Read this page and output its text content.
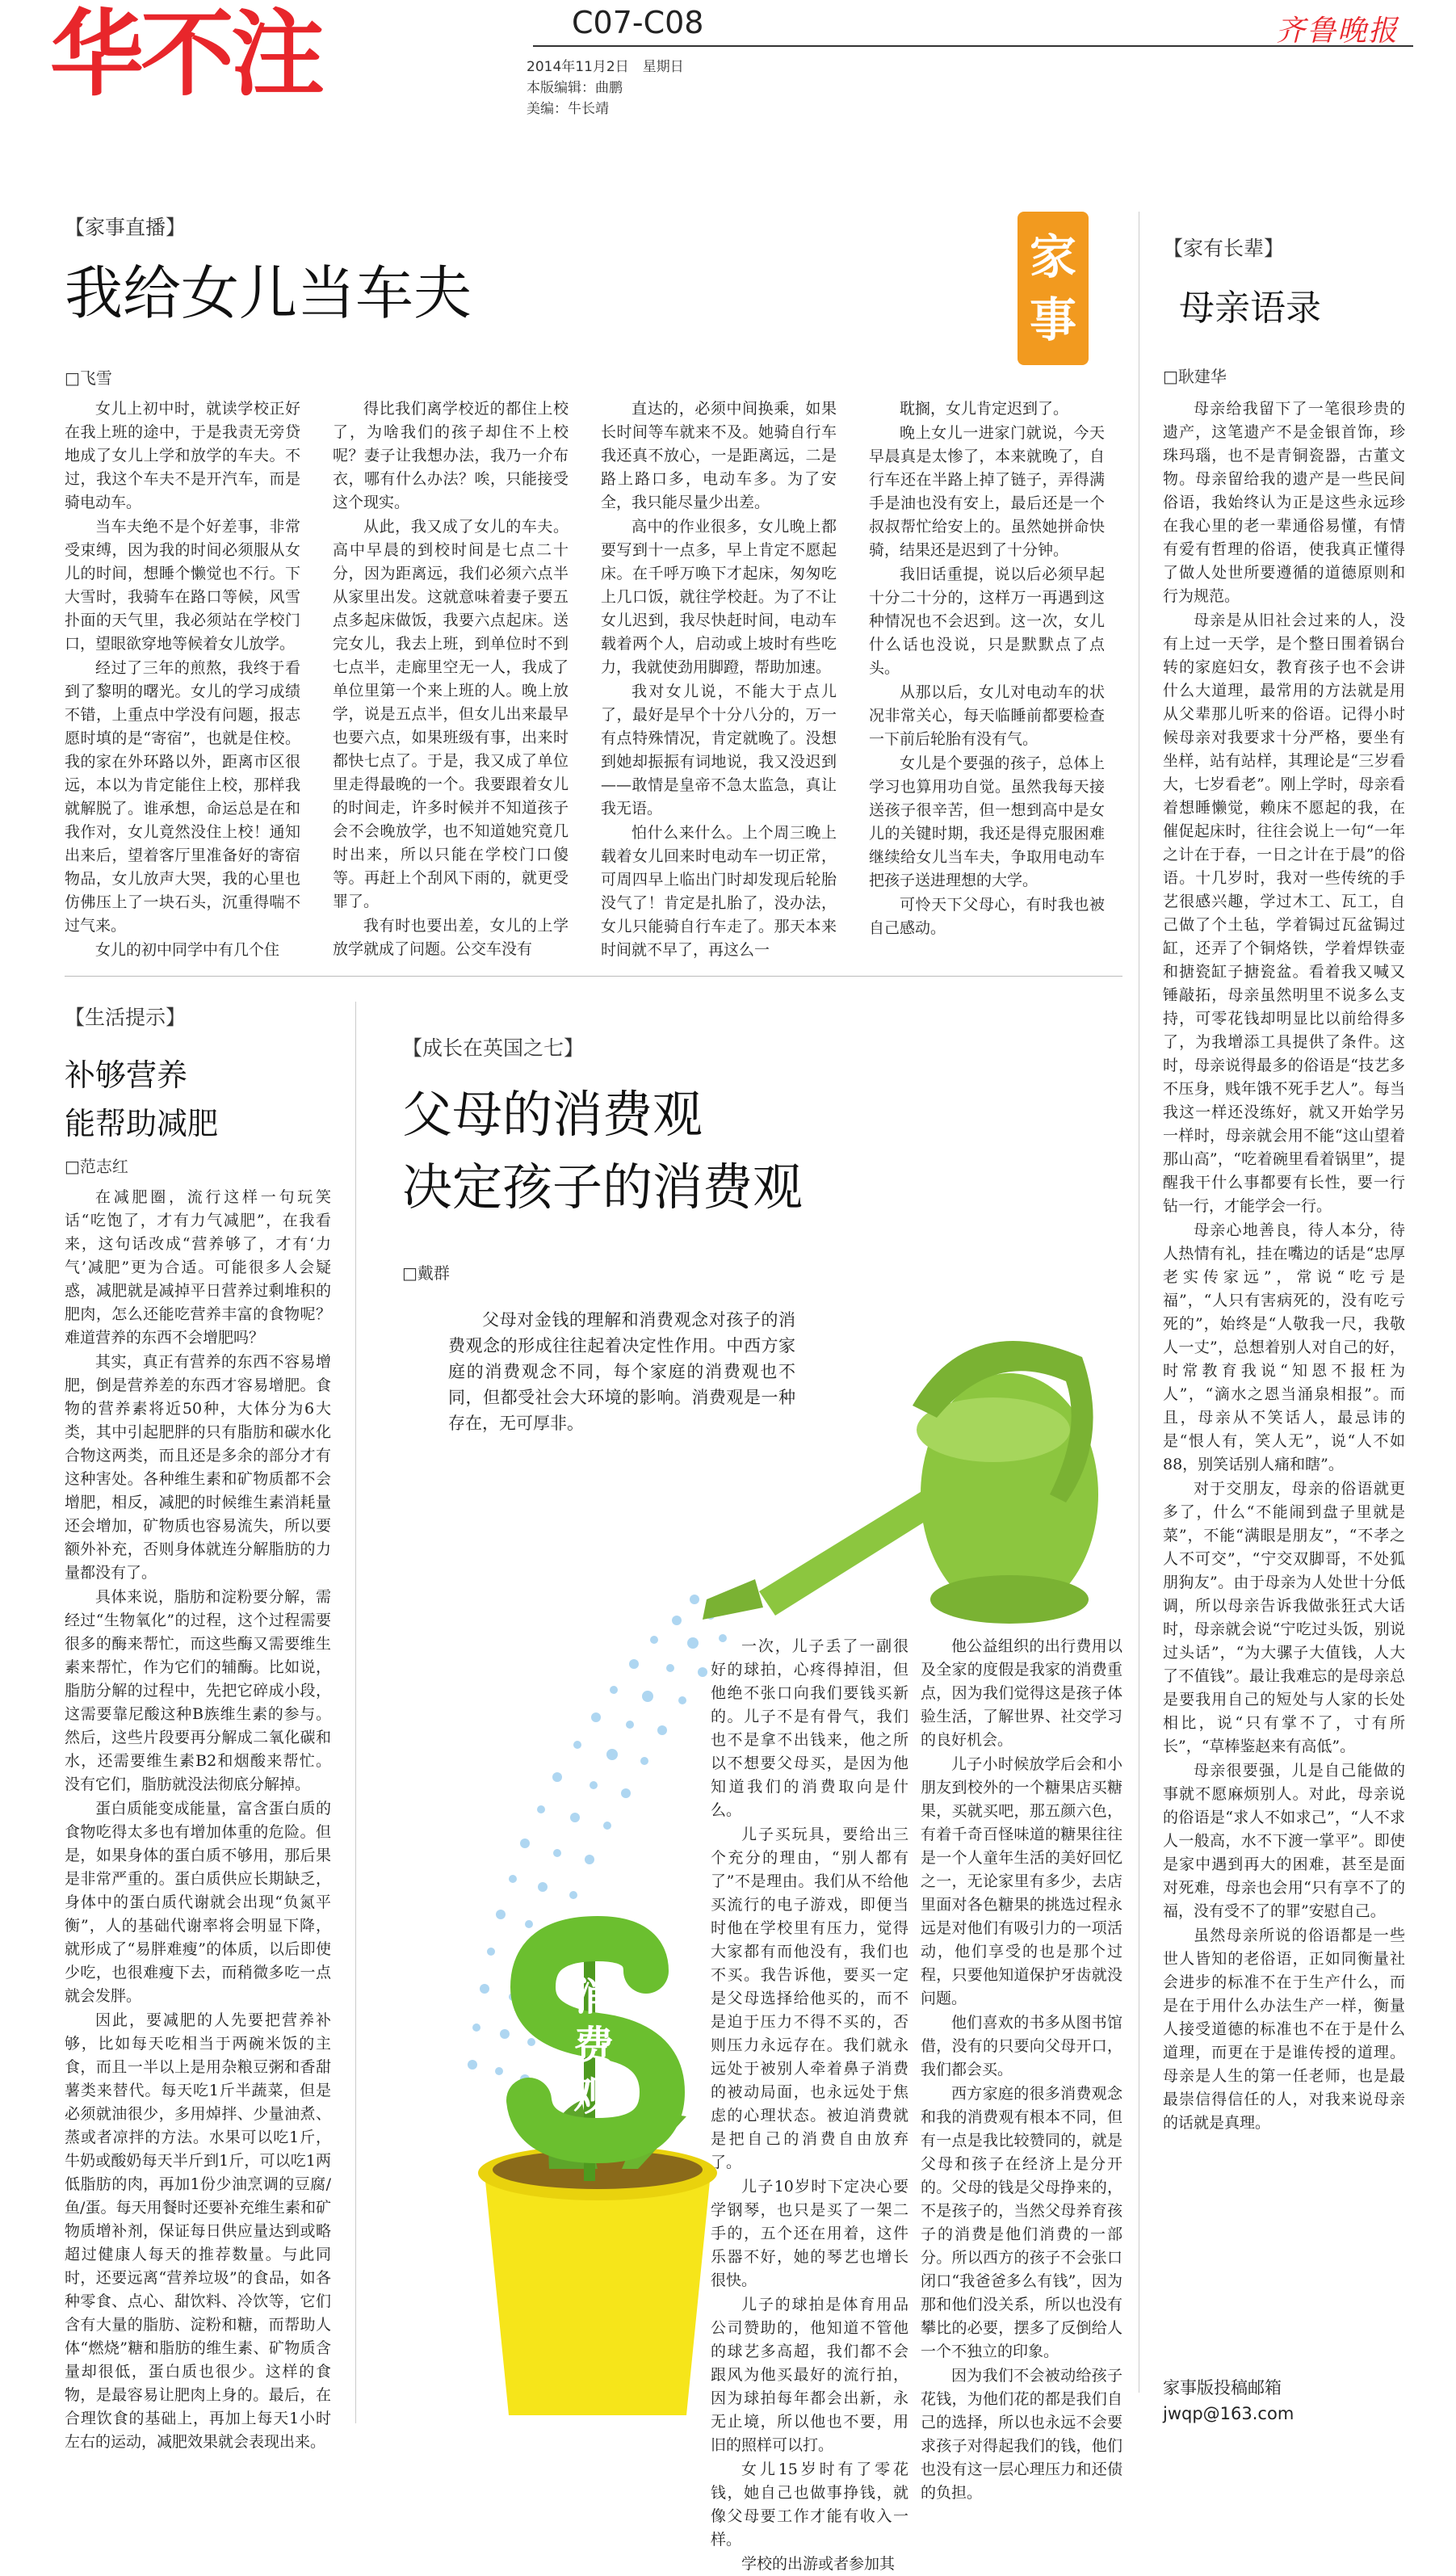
华不注	C07-C08
2014年11月2日　星期日
本版编辑：曲鹏
美编：牛长靖
齐鲁晚报
【家事直播】
我给女儿当车夫
□飞雪
家
事

女儿上初中时，就读学校正好在我上班的途中，于是我责无旁贷地成了女儿上学和放学的车夫。不过，我这个车夫不是开汽车，而是骑电动车。

当车夫绝不是个好差事，非常受束缚，因为我的时间必须服从女儿的时间，想睡个懒觉也不行。下大雪时，我骑车在路口等候，风雪扑面的天气里，我必须站在学校门口，望眼欲穿地等候着女儿放学。

经过了三年的煎熬，我终于看到了黎明的曙光。女儿的学习成绩不错，上重点中学没有问题，报志愿时填的是“寄宿”，也就是住校。我的家在外环路以外，距离市区很远，本以为肯定能住上校，那样我就解脱了。谁承想，命运总是在和我作对，女儿竟然没住上校！通知出来后，望着客厅里准备好的寄宿物品，女儿放声大哭，我的心里也仿佛压上了一块石头，沉重得喘不过气来。

女儿的初中同学中有几个住

得比我们离学校近的都住上校了，为啥我们的孩子却住不上校呢？妻子让我想办法，我乃一介布衣，哪有什么办法？唉，只能接受这个现实。

从此，我又成了女儿的车夫。高中早晨的到校时间是七点二十分，因为距离远，我们必须六点半从家里出发。这就意味着妻子要五点多起床做饭，我要六点起床。送完女儿，我去上班，到单位时不到七点半，走廊里空无一人，我成了单位里第一个来上班的人。晚上放学，说是五点半，但女儿出来最早也要六点，如果班级有事，出来时都快七点了。于是，我又成了单位里走得最晚的一个。我要跟着女儿的时间走，许多时候并不知道孩子会不会晚放学，也不知道她究竟几时出来，所以只能在学校门口傻等。再赶上个刮风下雨的，就更受罪了。

我有时也要出差，女儿的上学放学就成了问题。公交车没有

直达的，必须中间换乘，如果长时间等车就来不及。她骑自行车我还真不放心，一是距离远，二是路上路口多，电动车多。为了安全，我只能尽量少出差。

高中的作业很多，女儿晚上都要写到十一点多，早上肯定不愿起床。在千呼万唤下才起床，匆匆吃上几口饭，就往学校赶。为了不让女儿迟到，我尽快赶时间，电动车载着两个人，启动或上坡时有些吃力，我就使劲用脚蹬，帮助加速。

我对女儿说，不能大于点儿了，最好是早个十分八分的，万一有点特殊情况，肯定就晚了。没想到她却振振有词地说，我又没迟到——敢情是皇帝不急太监急，真让我无语。

怕什么来什么。上个周三晚上载着女儿回来时电动车一切正常，可周四早上临出门时却发现后轮胎没气了！肯定是扎胎了，没办法，女儿只能骑自行车走了。那天本来时间就不早了，再这么一

耽搁，女儿肯定迟到了。

晚上女儿一进家门就说，今天早晨真是太惨了，本来就晚了，自行车还在半路上掉了链子，弄得满手是油也没有安上，最后还是一个叔叔帮忙给安上的。虽然她拼命快骑，结果还是迟到了十分钟。

我旧话重提，说以后必须早起十分二十分的，这样万一再遇到这种情况也不会迟到。这一次，女儿什么话也没说，只是默默点了点头。

从那以后，女儿对电动车的状况非常关心，每天临睡前都要检查一下前后轮胎有没有气。

女儿是个要强的孩子，总体上学习也算用功自觉。虽然我每天接送孩子很辛苦，但一想到高中是女儿的关键时期，我还是得克服困难继续给女儿当车夫，争取用电动车把孩子送进理想的大学。

可怜天下父母心，有时我也被自己感动。

【家有长辈】
母亲语录
□耿建华

母亲给我留下了一笔很珍贵的遗产，这笔遗产不是金银首饰，珍珠玛瑙，也不是青铜瓷器，古董文物。母亲留给我的遗产是一些民间俗语，我始终认为正是这些永远珍在我心里的老一辈通俗易懂，有情有爱有哲理的俗语，使我真正懂得了做人处世所要遵循的道德原则和行为规范。

母亲是从旧社会过来的人，没有上过一天学，是个整日围着锅台转的家庭妇女，教育孩子也不会讲什么大道理，最常用的方法就是用从父辈那儿听来的俗语。记得小时候母亲对我要求十分严格，要坐有坐样，站有站样，其理论是“三岁看大，七岁看老”。刚上学时，母亲看着想睡懒觉，赖床不愿起的我，在催促起床时，往往会说上一句“一年之计在于春，一日之计在于晨”的俗语。十几岁时，我对一些传统的手艺很感兴趣，学过木工、瓦工，自己做了个土毡，学着锔过瓦盆锔过缸，还弄了个铜烙铁，学着焊铁壶和搪瓷缸子搪瓷盆。看着我又喊又锤敲拓，母亲虽然明里不说多么支持，可零花钱却明显比以前给得多了，为我增添工具提供了条件。这时，母亲说得最多的俗语是“技艺多不压身，贱年饿不死手艺人”。每当我这一样还没练好，就又开始学另一样时，母亲就会用不能“这山望着那山高”，“吃着碗里看着锅里”，提醒我干什么事都要有长性，要一行钻一行，才能学会一行。

母亲心地善良，待人本分，待人热情有礼，挂在嘴边的话是“忠厚老实传家远”，常说“吃亏是福”，“人只有害病死的，没有吃亏死的”，始终是“人敬我一尺，我敬人一丈”，总想着别人对自己的好，时常教育我说“知恩不报枉为人”，“滴水之恩当涌泉相报”。而且，母亲从不笑话人，最忌讳的是“恨人有，笑人无”，说“人不如88，别笑话别人痛和瞎”。

对于交朋友，母亲的俗语就更多了，什么“不能闹到盘子里就是菜”，不能“满眼是朋友”，“不孝之人不可交”，“宁交双脚哥，不处狐朋狗友”。由于母亲为人处世十分低调，所以母亲告诉我做张狂式大话时，母亲就会说“宁吃过头饭，别说过头话”，“为大骡子大值钱，人大了不值钱”。最让我难忘的是母亲总是要我用自己的短处与人家的长处相比，说“只有掌不了，寸有所长”，“草棒鉴赵来有高低”。

母亲很要强，儿是自己能做的事就不愿麻烦别人。对此，母亲说的俗语是“求人不如求己”，“人不求人一般高，水不下渡一掌平”。即使是家中遇到再大的困难，甚至是面对死难，母亲也会用“只有享不了的福，没有受不了的罪”安慰自己。

虽然母亲所说的俗语都是一些世人皆知的老俗语，正如同衡量社会进步的标准不在于生产什么，而是在于用什么办法生产一样，衡量人接受道德的标准也不在于是什么道理，而更在于是谁传授的道理。母亲是人生的第一任老师，也是最最崇信得信任的人，对我来说母亲的话就是真理。

家事版投稿邮箱
jwqp@163.com
【生活提示】
补够营养
能帮助减肥
□范志红

在减肥圈，流行这样一句玩笑话“吃饱了，才有力气减肥”，在我看来，这句话改成“营养够了，才有‘力气’减肥”更为合适。可能很多人会疑惑，减肥就是减掉平日营养过剩堆积的肥肉，怎么还能吃营养丰富的食物呢？难道营养的东西不会增肥吗？

其实，真正有营养的东西不容易增肥，倒是营养差的东西才容易增肥。食物的营养素将近50种，大体分为6大类，其中引起肥胖的只有脂肪和碳水化合物这两类，而且还是多余的部分才有这种害处。各种维生素和矿物质都不会增肥，相反，减肥的时候维生素消耗量还会增加，矿物质也容易流失，所以要额外补充，否则身体就连分解脂肪的力量都没有了。

具体来说，脂肪和淀粉要分解，需经过“生物氧化”的过程，这个过程需要很多的酶来帮忙，而这些酶又需要维生素来帮忙，作为它们的辅酶。比如说，脂肪分解的过程中，先把它碎成小段，这需要靠尼酸这种B族维生素的参与。然后，这些片段要再分解成二氧化碳和水，还需要维生素B2和烟酸来帮忙。没有它们，脂肪就没法彻底分解掉。

蛋白质能变成能量，富含蛋白质的食物吃得太多也有增加体重的危险。但是，如果身体的蛋白质不够用，那后果是非常严重的。蛋白质供应长期缺乏，身体中的蛋白质代谢就会出现“负氮平衡”，人的基础代谢率将会明显下降，就形成了“易胖难瘦”的体质，以后即使少吃，也很难瘦下去，而稍微多吃一点就会发胖。

因此，要减肥的人先要把营养补够，比如每天吃相当于两碗米饭的主食，而且一半以上是用杂粮豆粥和香甜薯类来替代。每天吃1斤半蔬菜，但是必须就油很少，多用焯拌、少量油煮、蒸或者凉拌的方法。水果可以吃1斤，牛奶或酸奶每天半斤到1斤，可以吃1两低脂肪的肉，再加1份少油烹调的豆腐/鱼/蛋。每天用餐时还要补充维生素和矿物质增补剂，保证每日供应量达到或略超过健康人每天的推荐数量。与此同时，还要远离“营养垃圾”的食品，如各种零食、点心、甜饮料、冷饮等，它们含有大量的脂肪、淀粉和糖，而帮助人体“燃烧”糖和脂肪的维生素、矿物质含量却很低，蛋白质也很少。这样的食物，是最容易让肥肉上身的。最后，在合理饮食的基础上，再加上每天1小时左右的运动，减肥效果就会表现出来。

【成长在英国之七】
父母的消费观
决定孩子的消费观
□戴群
父母对金钱的理解和消费观念对孩子的消费观念的形成往往起着决定性作用。中西方家庭的消费观念不同，每个家庭的消费观也不同，但都受社会大环境的影响。消费观是一种存在，无可厚非。
消
费
观

一次，儿子丢了一副很好的球拍，心疼得掉泪，但他绝不张口向我们要钱买新的。儿子不是有骨气，我们也不是拿不出钱来，他之所以不想要父母买，是因为他知道我们的消费取向是什么。

儿子买玩具，要给出三个充分的理由，“别人都有了”不是理由。我们从不给他买流行的电子游戏，即便当时他在学校里有压力，觉得大家都有而他没有，我们也不买。我告诉他，要买一定是父母选择给他买的，而不是迫于压力不得不买的，否则压力永远存在。我们就永远处于被别人牵着鼻子消费的被动局面，也永远处于焦虑的心理状态。被迫消费就是把自己的消费自由放弃了。

儿子10岁时下定决心要学钢琴，也只是买了一架二手的，五个还在用着，这件乐器不好，她的琴艺也增长很快。

儿子的球拍是体育用品公司赞助的，他知道不管他的球艺多高超，我们都不会跟风为他买最好的流行拍，因为球拍每年都会出新，永无止境，所以他也不要，用旧的照样可以打。

女儿15岁时有了零花钱，她自己也做事挣钱，就像父母要工作才能有收入一样。

学校的出游或者参加其

他公益组织的出行费用以及全家的度假是我家的消费重点，因为我们觉得这是孩子体验生活，了解世界、社交学习的良好机会。

儿子小时候放学后会和小朋友到校外的一个糖果店买糖果，买就买吧，那五颜六色，有着千奇百怪味道的糖果往往是一个人童年生活的美好回忆之一，无论家里有多少，去店里面对各色糖果的挑选过程永远是对他们有吸引力的一项活动，他们享受的也是那个过程，只要他知道保护牙齿就没问题。

他们喜欢的书多从图书馆借，没有的只要向父母开口，我们都会买。

西方家庭的很多消费观念和我的消费观有根本不同，但有一点是我比较赞同的，就是父母和孩子在经济上是分开的。父母的钱是父母挣来的，不是孩子的，当然父母养育孩子的消费是他们消费的一部分。所以西方的孩子不会张口闭口“我爸爸多么有钱”，因为那和他们没关系，所以也没有攀比的必要，摆多了反倒给人一个不独立的印象。

因为我们不会被动给孩子花钱，为他们花的都是我们自己的选择，所以也永远不会要求孩子对得起我们的钱，他们也没有这一层心理压力和还债的负担。
